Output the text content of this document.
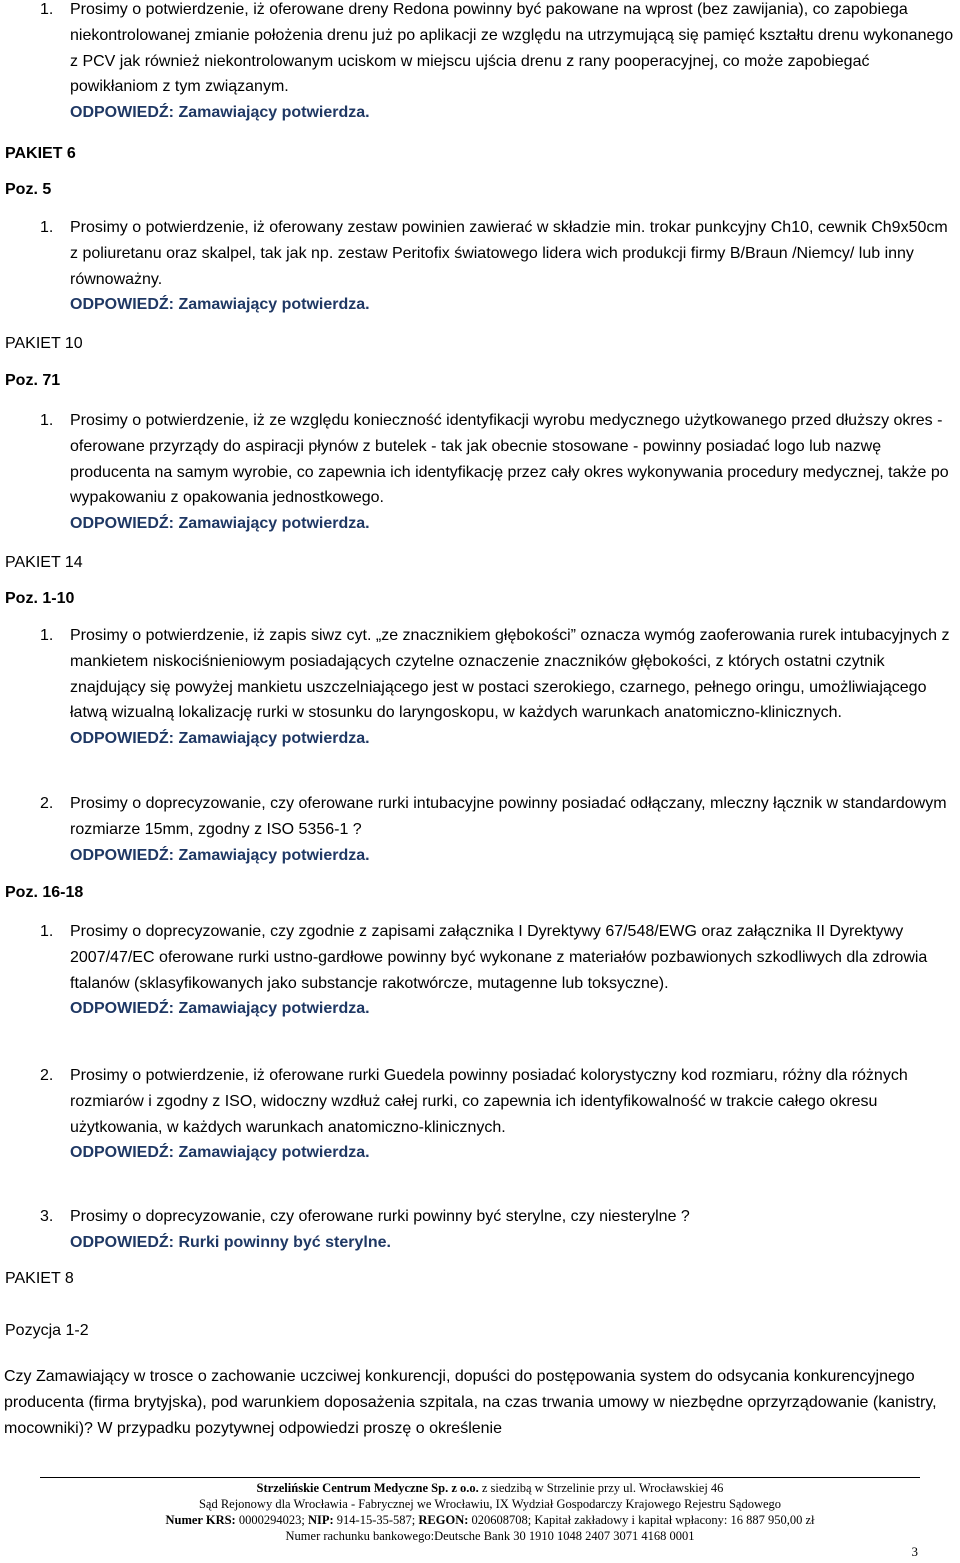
1. Prosimy o potwierdzenie, iż oferowane dreny Redona powinny być pakowane na wprost (bez zawijania), co zapobiega niekontrolowanej zmianie położenia drenu już po aplikacji ze względu na utrzymującą się pamięć kształtu drenu wykonanego z PCV jak również niekontrolowanym uciskom w miejscu ujścia drenu z rany pooperacyjnej, co może zapobiegać powikłaniom z tym związanym.
ODPOWIEDŹ: Zamawiający potwierdza.
PAKIET 6
Poz. 5
1. Prosimy o potwierdzenie, iż oferowany zestaw powinien zawierać w składzie min. trokar punkcyjny Ch10, cewnik Ch9x50cm z poliuretanu oraz skalpel, tak jak np. zestaw Peritofix światowego lidera wich produkcji firmy B/Braun /Niemcy/ lub inny równoważny.
ODPOWIEDŹ: Zamawiający potwierdza.
PAKIET 10
Poz. 71
1. Prosimy o potwierdzenie, iż ze względu konieczność identyfikacji wyrobu medycznego użytkowanego przed dłuższy okres - oferowane przyrządy do aspiracji płynów z butelek - tak jak obecnie stosowane - powinny posiadać logo lub nazwę producenta na samym wyrobie, co zapewnia ich identyfikację przez cały okres wykonywania procedury medycznej, także po wypakowaniu z opakowania jednostkowego.
ODPOWIEDŹ: Zamawiający potwierdza.
PAKIET 14
Poz. 1-10
1. Prosimy o potwierdzenie, iż zapis siwz cyt. „ze znacznikiem głębokości” oznacza wymóg zaoferowania rurek intubacyjnych z mankietem niskociśnieniowym posiadających czytelne oznaczenie znaczników głębokości, z których ostatni czytnik znajdujący się powyżej mankietu uszczelniającego jest w postaci szerokiego, czarnego, pełnego oringu, umożliwiającego łatwą wizualną lokalizację rurki w stosunku do laryngoskopu, w każdych warunkach anatomiczno-klinicznych.
ODPOWIEDŹ: Zamawiający potwierdza.
2. Prosimy o doprecyzowanie, czy oferowane rurki intubacyjne powinny posiadać odłączany, mleczny łącznik w standardowym rozmiarze 15mm, zgodny z ISO 5356-1 ?
ODPOWIEDŹ: Zamawiający potwierdza.
Poz. 16-18
1. Prosimy o doprecyzowanie, czy zgodnie z zapisami załącznika I Dyrektywy 67/548/EWG oraz załącznika II Dyrektywy 2007/47/EC oferowane rurki ustno-gardłowe powinny być wykonane z materiałów pozbawionych szkodliwych dla zdrowia ftalanów (sklasyfikowanych jako substancje rakotwórcze, mutagenne lub toksyczne).
ODPOWIEDŹ: Zamawiający potwierdza.
2. Prosimy o potwierdzenie, iż oferowane rurki Guedela powinny posiadać kolorystyczny kod rozmiaru, różny dla różnych rozmiarów i zgodny z ISO, widoczny wzdłuż całej rurki, co zapewnia ich identyfikowalność w trakcie całego okresu użytkowania, w każdych warunkach anatomiczno-klinicznych.
ODPOWIEDŹ: Zamawiający potwierdza.
3. Prosimy o doprecyzowanie, czy oferowane rurki powinny być sterylne, czy niesterylne ?
ODPOWIEDŹ: Rurki powinny być sterylne.
PAKIET 8
Pozycja 1-2
Czy Zamawiający w trosce o zachowanie uczciwej konkurencji, dopuści do postępowania system do odsyсania konkurencyjnego producenta (firma brytyjska), pod warunkiem doposażenia szpitala, na czas trwania umowy w niezbędne oprzyrządowanie (kanistry, mocowniki)? W przypadku pozytywnej odpowiedzi proszę o określenie
Strzelińskie Centrum Medyczne Sp. z o.o. z siedzibą w Strzelinie przy ul. Wrocławskiej 46
Sąd Rejonowy dla Wrocławia - Fabrycznej we Wrocławiu, IX Wydział Gospodarczy Krajowego Rejestru Sądowego
Numer KRS: 0000294023; NIP: 914-15-35-587; REGON: 020608708; Kapitał zakładowy i kapitał wpłacony: 16 887 950,00 zł
Numer rachunku bankowego:Deutsche Bank 30 1910 1048 2407 3071 4168 0001
3
